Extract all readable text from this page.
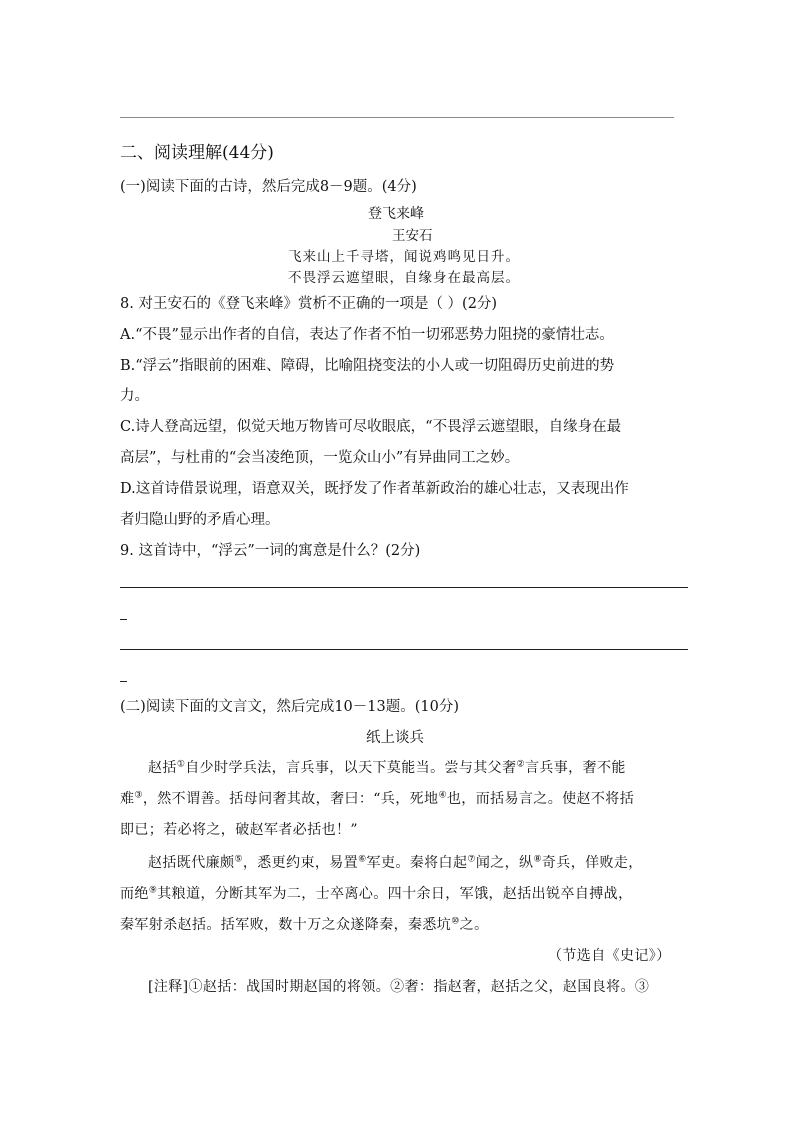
二、阅读理解(44分)
(一)阅读下面的古诗，然后完成8－9题。(4分)
登飞来峰
王安石
飞来山上千寻塔，闻说鸡鸣见日升。
不畏浮云遮望眼，自缘身在最高层。
8. 对王安石的《登飞来峰》赏析不正确的一项是（ ）(2分)
A.“不畏”显示出作者的自信，表达了作者不怕一切邪恶势力阻挠的豪情壮志。
B.“浮云”指眼前的困难、障碍，比喻阻挠变法的小人或一切阻碍历史前进的势
力。
C.诗人登高远望，似觉天地万物皆可尽收眼底，“不畏浮云遮望眼，自缘身在最
高层”，与杜甫的“会当凌绝顶，一览众山小”有异曲同工之妙。
D.这首诗借景说理，语意双关，既抒发了作者革新政治的雄心壮志，又表现出作
者归隐山野的矛盾心理。
9. 这首诗中，“浮云”一词的寓意是什么？(2分)
(二)阅读下面的文言文，然后完成10－13题。(10分)
纸上谈兵
赵括①自少时学兵法，言兵事，以天下莫能当。尝与其父奢②言兵事，奢不能
难③，然不谓善。括母问奢其故，奢曰：“兵，死地④也，而括易言之。使赵不将括
即已；若必将之，破赵军者必括也！”
赵括既代廉颇⑤，悉更约束，易置⑥军吏。秦将白起⑦闻之，纵⑧奇兵，佯败走，
而绝⑨其粮道，分断其军为二，士卒离心。四十余日，军饿，赵括出锐卒自搏战，
秦军射杀赵括。括军败，数十万之众遂降秦，秦悉坑⑩之。
（节选自《史记》）
[注释]①赵括：战国时期赵国的将领。②奢：指赵奢，赵括之父，赵国良将。③
